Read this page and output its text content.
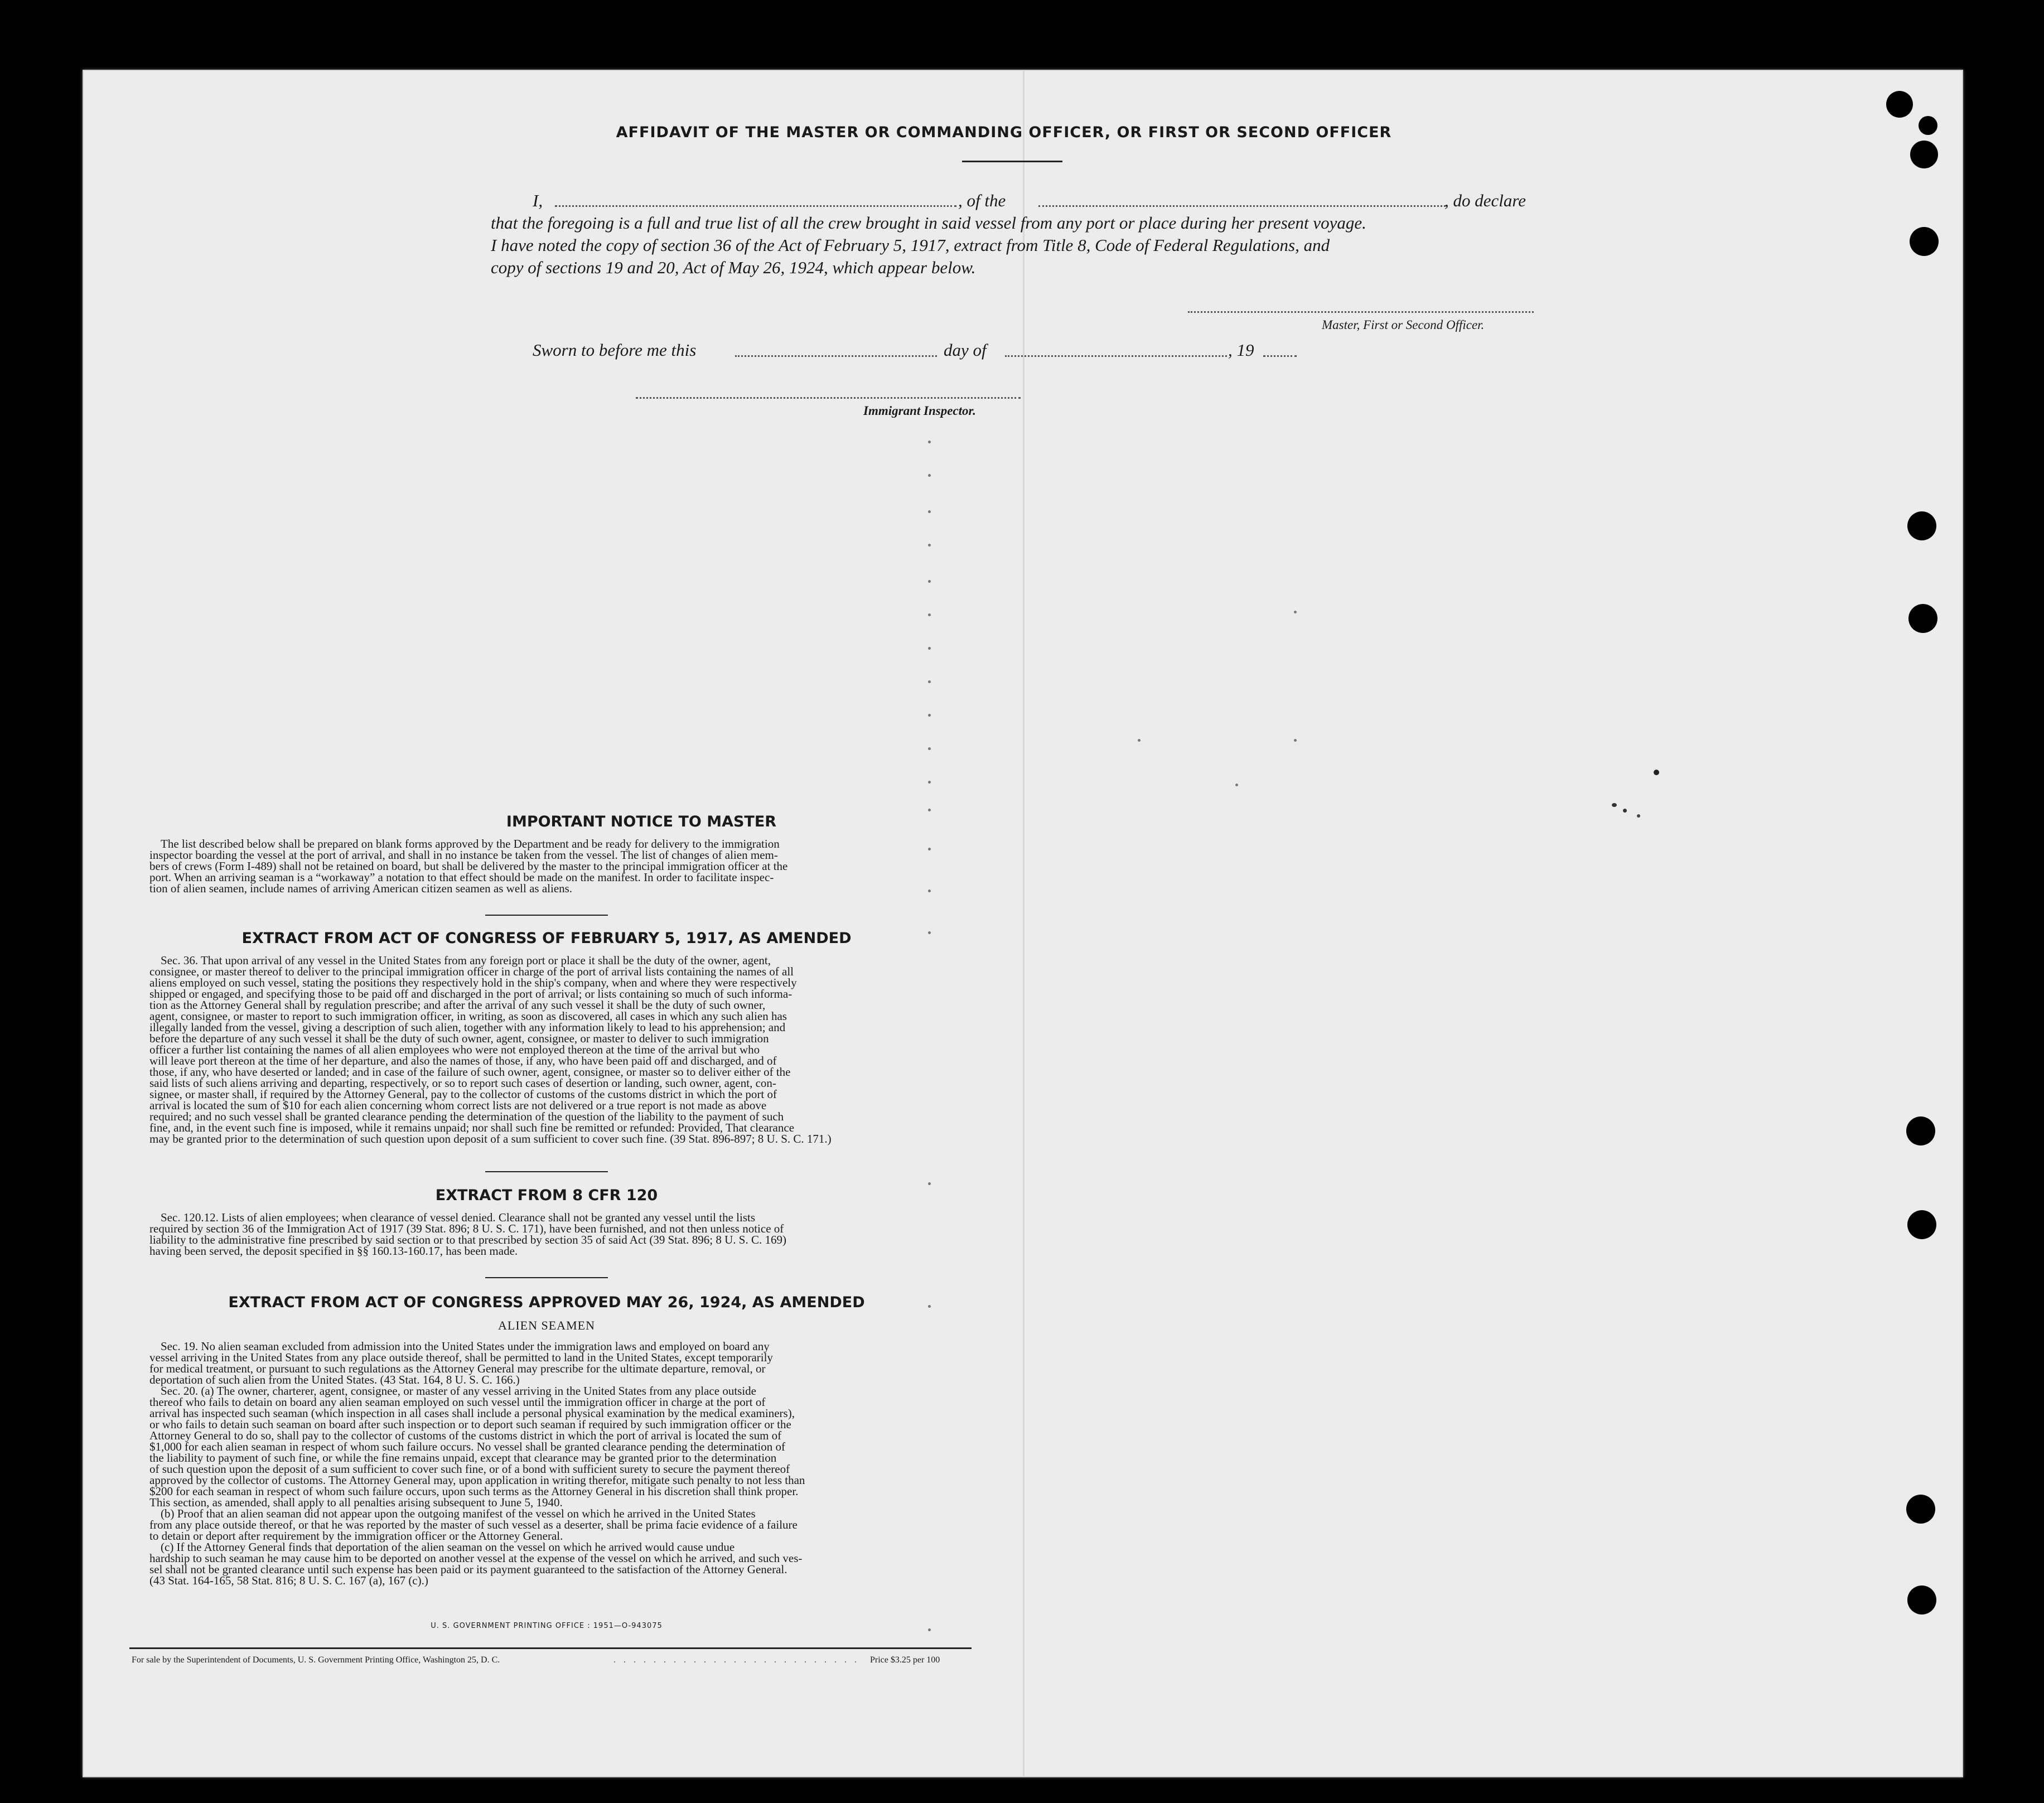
AFFIDAVIT OF THE MASTER OR COMMANDING OFFICER, OR FIRST OR SECOND OFFICER
I,	, of the	, do declare
that the foregoing is a full and true list of all the crew brought in said vessel from any port or place during her present voyage.
I have noted the copy of section 36 of the Act of February 5, 1917, extract from Title 8, Code of Federal Regulations, and
copy of sections 19 and 20, Act of May 26, 1924, which appear below.
Master, First or Second Officer.
Sworn to before me this	day of	, 19
Immigrant Inspector.
IMPORTANT NOTICE TO MASTER
The list described below shall be prepared on blank forms approved by the Department and be ready for delivery to the immigration
inspector boarding the vessel at the port of arrival, and shall in no instance be taken from the vessel. The list of changes of alien mem-
bers of crews (Form I-489) shall not be retained on board, but shall be delivered by the master to the principal immigration officer at the
port. When an arriving seaman is a “workaway” a notation to that effect should be made on the manifest. In order to facilitate inspec-
tion of alien seamen, include names of arriving American citizen seamen as well as aliens.
EXTRACT FROM ACT OF CONGRESS OF FEBRUARY 5, 1917, AS AMENDED
Sec. 36. That upon arrival of any vessel in the United States from any foreign port or place it shall be the duty of the owner, agent,
consignee, or master thereof to deliver to the principal immigration officer in charge of the port of arrival lists containing the names of all
aliens employed on such vessel, stating the positions they respectively hold in the ship's company, when and where they were respectively
shipped or engaged, and specifying those to be paid off and discharged in the port of arrival; or lists containing so much of such informa-
tion as the Attorney General shall by regulation prescribe; and after the arrival of any such vessel it shall be the duty of such owner,
agent, consignee, or master to report to such immigration officer, in writing, as soon as discovered, all cases in which any such alien has
illegally landed from the vessel, giving a description of such alien, together with any information likely to lead to his apprehension; and
before the departure of any such vessel it shall be the duty of such owner, agent, consignee, or master to deliver to such immigration
officer a further list containing the names of all alien employees who were not employed thereon at the time of the arrival but who
will leave port thereon at the time of her departure, and also the names of those, if any, who have been paid off and discharged, and of
those, if any, who have deserted or landed; and in case of the failure of such owner, agent, consignee, or master so to deliver either of the
said lists of such aliens arriving and departing, respectively, or so to report such cases of desertion or landing, such owner, agent, con-
signee, or master shall, if required by the Attorney General, pay to the collector of customs of the customs district in which the port of
arrival is located the sum of $10 for each alien concerning whom correct lists are not delivered or a true report is not made as above
required; and no such vessel shall be granted clearance pending the determination of the question of the liability to the payment of such
fine, and, in the event such fine is imposed, while it remains unpaid; nor shall such fine be remitted or refunded: Provided, That clearance
may be granted prior to the determination of such question upon deposit of a sum sufficient to cover such fine. (39 Stat. 896-897; 8 U. S. C. 171.)
EXTRACT FROM 8 CFR 120
Sec. 120.12. Lists of alien employees; when clearance of vessel denied. Clearance shall not be granted any vessel until the lists
required by section 36 of the Immigration Act of 1917 (39 Stat. 896; 8 U. S. C. 171), have been furnished, and not then unless notice of
liability to the administrative fine prescribed by said section or to that prescribed by section 35 of said Act (39 Stat. 896; 8 U. S. C. 169)
having been served, the deposit specified in §§ 160.13-160.17, has been made.
EXTRACT FROM ACT OF CONGRESS APPROVED MAY 26, 1924, AS AMENDED
ALIEN SEAMEN
Sec. 19. No alien seaman excluded from admission into the United States under the immigration laws and employed on board any
vessel arriving in the United States from any place outside thereof, shall be permitted to land in the United States, except temporarily
for medical treatment, or pursuant to such regulations as the Attorney General may prescribe for the ultimate departure, removal, or
deportation of such alien from the United States. (43 Stat. 164, 8 U. S. C. 166.)
Sec. 20. (a) The owner, charterer, agent, consignee, or master of any vessel arriving in the United States from any place outside
thereof who fails to detain on board any alien seaman employed on such vessel until the immigration officer in charge at the port of
arrival has inspected such seaman (which inspection in all cases shall include a personal physical examination by the medical examiners),
or who fails to detain such seaman on board after such inspection or to deport such seaman if required by such immigration officer or the
Attorney General to do so, shall pay to the collector of customs of the customs district in which the port of arrival is located the sum of
$1,000 for each alien seaman in respect of whom such failure occurs. No vessel shall be granted clearance pending the determination of
the liability to payment of such fine, or while the fine remains unpaid, except that clearance may be granted prior to the determination
of such question upon the deposit of a sum sufficient to cover such fine, or of a bond with sufficient surety to secure the payment thereof
approved by the collector of customs. The Attorney General may, upon application in writing therefor, mitigate such penalty to not less than
$200 for each seaman in respect of whom such failure occurs, upon such terms as the Attorney General in his discretion shall think proper.
This section, as amended, shall apply to all penalties arising subsequent to June 5, 1940.
(b) Proof that an alien seaman did not appear upon the outgoing manifest of the vessel on which he arrived in the United States
from any place outside thereof, or that he was reported by the master of such vessel as a deserter, shall be prima facie evidence of a failure
to detain or deport after requirement by the immigration officer or the Attorney General.
(c) If the Attorney General finds that deportation of the alien seaman on the vessel on which he arrived would cause undue
hardship to such seaman he may cause him to be deported on another vessel at the expense of the vessel on which he arrived, and such ves-
sel shall not be granted clearance until such expense has been paid or its payment guaranteed to the satisfaction of the Attorney General.
(43 Stat. 164-165, 58 Stat. 816; 8 U. S. C. 167 (a), 167 (c).)
U. S. GOVERNMENT PRINTING OFFICE : 1951—O-943075
For sale by the Superintendent of Documents, U. S. Government Printing Office, Washington 25, D. C.	......................... Price $3.25 per 100
